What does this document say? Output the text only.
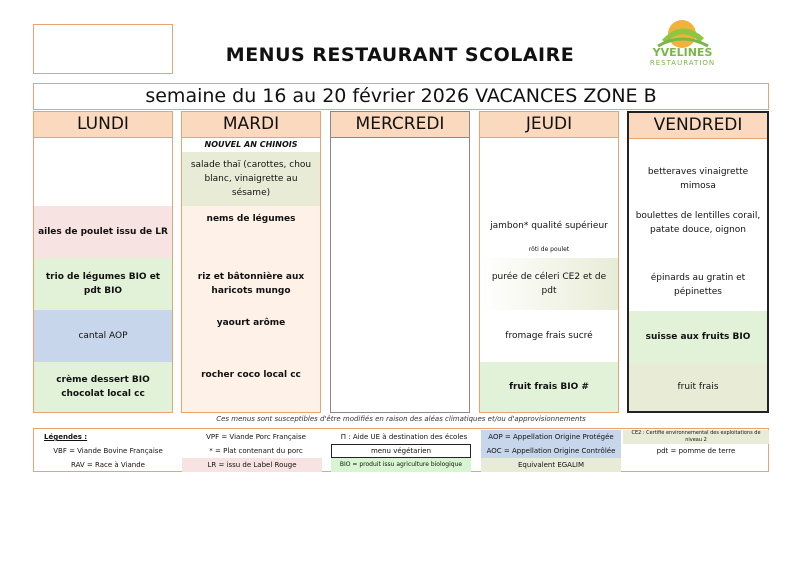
MENUS RESTAURANT SCOLAIRE	YVELINES
RESTAURATION
semaine du 16 au 20 février 2026 VACANCES ZONE B
LUNDI
ailes de poulet issu de LR
trio de légumes BIO et pdt BIO
cantal AOP
crème dessert BIO chocolat local cc
MARDI
NOUVEL AN CHINOIS
salade thaï (carottes, chou blanc, vinaigrette au sésame)
nems de légumes
riz et bâtonnière aux haricots mungo
yaourt arôme
rocher coco local cc
MERCREDI	JEUDI
jambon* qualité supérieur
rôti de poulet
purée de céleri CE2 et de pdt
fromage frais sucré
fruit frais BIO #
VENDREDI
betteraves vinaigrette mimosa
boulettes de lentilles corail, patate douce, oignon
épinards au gratin et pépinettes
suisse aux fruits BIO
fruit frais
Ces menus sont susceptibles d'être modifiés en raison des aléas climatiques et/ou d'approvisionnements
Légendes :
VBF = Viande Bovine Française
RAV = Race à Viande
VPF = Viande Porc Française
* = Plat contenant du porc
LR = issu de Label Rouge
Π : Aide UE à destination des écoles
menu végétarien
BIO = produit issu agriculture biologique
AOP = Appellation Origine Protégée
AOC = Appellation Origine Contrôlée
Equivalent EGALIM
CE2 : Certifié environnemental des exploitations de niveau 2
pdt = pomme de terre
